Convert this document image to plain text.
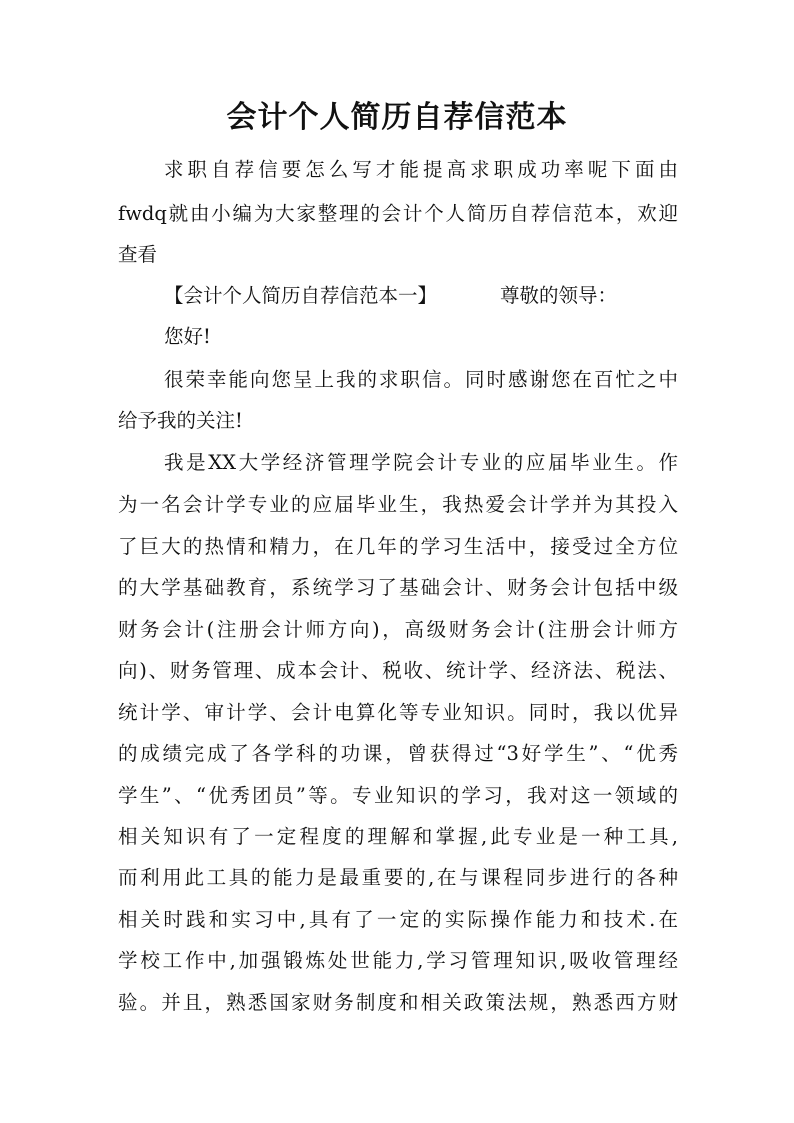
会计个人简历自荐信范本
求职自荐信要怎么写才能提高求职成功率呢下面由
fwdq就由小编为大家整理的会计个人简历自荐信范本，欢迎
查看
【会计个人简历自荐信范本一】	尊敬的领导：
您好!
很荣幸能向您呈上我的求职信。同时感谢您在百忙之中
给予我的关注!
我是XX大学经济管理学院会计专业的应届毕业生。作
为一名会计学专业的应届毕业生，我热爱会计学并为其投入
了巨大的热情和精力，在几年的学习生活中，接受过全方位
的大学基础教育，系统学习了基础会计、财务会计包括中级
财务会计(注册会计师方向)，高级财务会计(注册会计师方
向)、财务管理、成本会计、税收、统计学、经济法、税法、
统计学、审计学、会计电算化等专业知识。同时，我以优异
的成绩完成了各学科的功课，曾获得过“3好学生”、“优秀
学生”、“优秀团员”等。专业知识的学习，我对这一领域的
相关知识有了一定程度的理解和掌握,此专业是一种工具,
而利用此工具的能力是最重要的,在与课程同步进行的各种
相关时践和实习中,具有了一定的实际操作能力和技术.在
学校工作中,加强锻炼处世能力,学习管理知识,吸收管理经
验。并且，熟悉国家财务制度和相关政策法规，熟悉西方财
